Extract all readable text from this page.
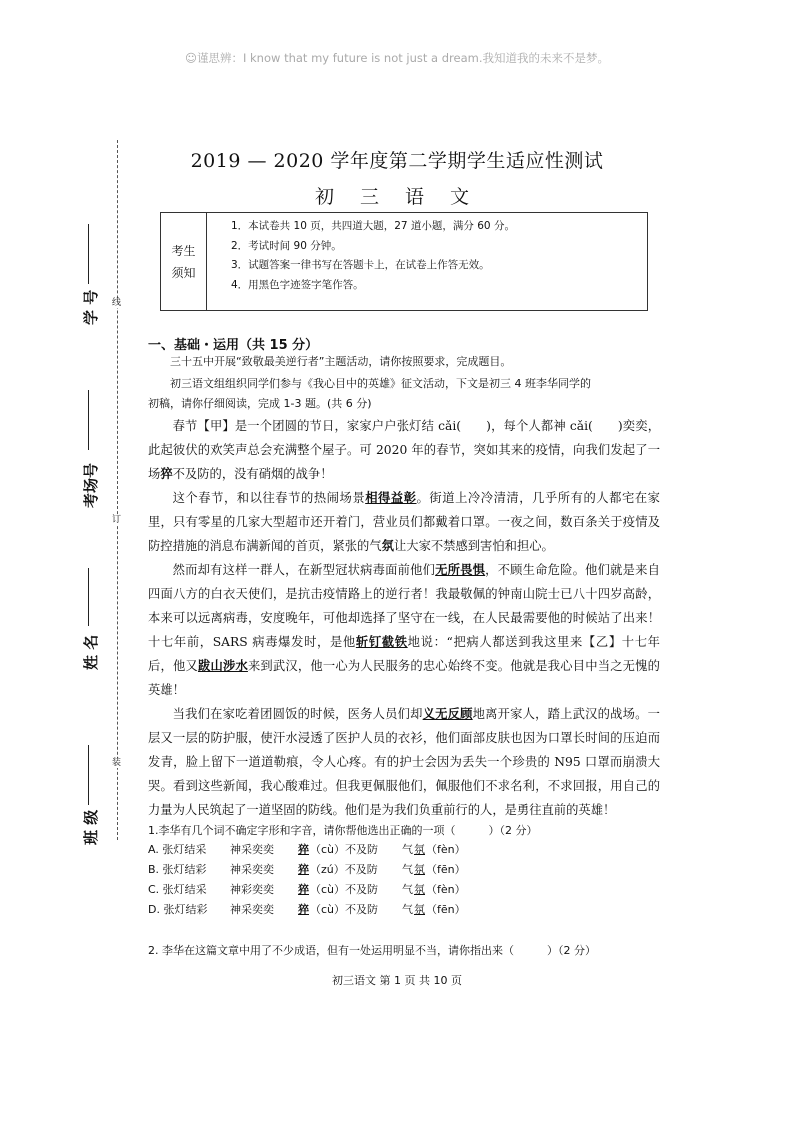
☺谨思辨：I know that my future is not just a dream.我知道我的未来不是梦。
线
订
装
学 号
考场号
姓 名
班 级
2019 — 2020 学年度第二学期学生适应性测试
初 三 语 文
考生
须知
1．本试卷共 10 页，共四道大题，27 道小题，满分 60 分。
2．考试时间 90 分钟。
3．试题答案一律书写在答题卡上，在试卷上作答无效。
4．用黑色字迹签字笔作答。
一、基础・运用（共 15 分）
三十五中开展“致敬最美逆行者”主题活动，请你按照要求，完成题目。
初三语文组组织同学们参与《我心目中的英雄》征文活动，下文是初三 4 班李华同学的
初稿，请你仔细阅读，完成 1-3 题。(共 6 分)

春节【甲】是一个团圆的节日，家家户户张灯结 cǎi(　　)，每个人都神 cǎi(　　)奕奕，此起彼伏的欢笑声总会充满整个屋子。可 2020 年的春节，突如其来的疫情，向我们发起了一场猝不及防的，没有硝烟的战争！

这个春节，和以往春节的热闹场景相得益彰。街道上冷冷清清，几乎所有的人都宅在家里，只有零星的几家大型超市还开着门，营业员们都戴着口罩。一夜之间，数百条关于疫情及防控措施的消息布满新闻的首页，紧张的气氛让大家不禁感到害怕和担心。

然而却有这样一群人，在新型冠状病毒面前他们无所畏惧，不顾生命危险。他们就是来自四面八方的白衣天使们，是抗击疫情路上的逆行者！我最敬佩的钟南山院士已八十四岁高龄，本来可以远离病毒，安度晚年，可他却选择了坚守在一线，在人民最需要他的时候站了出来！十七年前，SARS 病毒爆发时，是他斩钉截铁地说：“把病人都送到我这里来【乙】十七年后，他又跋山涉水来到武汉，他一心为人民服务的忠心始终不变。他就是我心目中当之无愧的英雄！

当我们在家吃着团圆饭的时候，医务人员们却义无反顾地离开家人，踏上武汉的战场。一层又一层的防护服，使汗水浸透了医护人员的衣衫，他们面部皮肤也因为口罩长时间的压迫而发青，脸上留下一道道勒痕，令人心疼。有的护士会因为丢失一个珍贵的 N95 口罩而崩溃大哭。看到这些新闻，我心酸难过。但我更佩服他们，佩服他们不求名利，不求回报，用自己的力量为人民筑起了一道坚固的防线。他们是为我们负重前行的人，是勇往直前的英雄！

1.李华有几个词不确定字形和字音，请你帮他选出正确的一项（　　　）（2 分）
A. 张灯结采 神采奕奕 猝 （cù）不及防 气 氛 （fèn）
B. 张灯结彩 神采奕奕 猝 （zú）不及防 气 氛 （fēn）
C. 张灯结采 神彩奕奕 猝 （cù）不及防 气 氛 （fèn）
D. 张灯结彩 神采奕奕 猝 （cù）不及防 气 氛 （fēn）
2. 李华在这篇文章中用了不少成语，但有一处运用明显不当，请你指出来（　　　）（2 分）
初三语文 第 1 页 共 10 页
